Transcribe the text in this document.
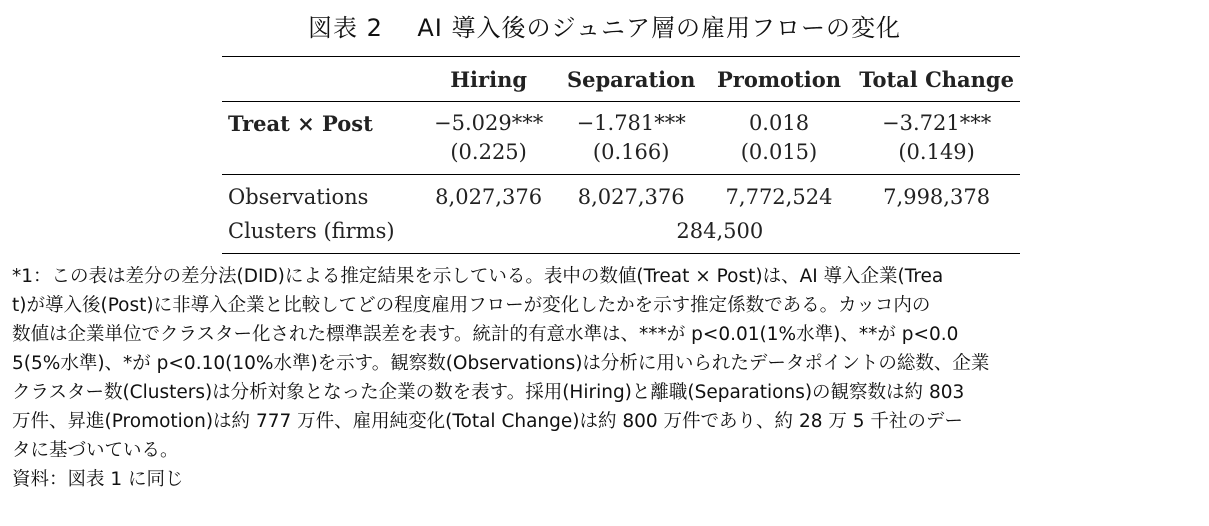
図表 2    AI 導入後のジュニア層の雇用フローの変化
	Hiring	Separation	Promotion	Total Change
Treat × Post	−5.029***	−1.781***	0.018	−3.721***
	(0.225)	(0.166)	(0.015)	(0.149)
Observations	8,027,376	8,027,376	7,772,524	7,998,378
Clusters (firms)	284,500			

*1：この表は差分の差分法(DID)による推定結果を示している。表中の数値(Treat × Post)は、AI 導入企業(Trea

t)が導入後(Post)に非導入企業と比較してどの程度雇用フローが変化したかを示す推定係数である。カッコ内の

数値は企業単位でクラスター化された標準誤差を表す。統計的有意水準は、***が p<0.01(1%水準)、**が p<0.0

5(5%水準)、*が p<0.10(10%水準)を示す。観察数(Observations)は分析に用いられたデータポイントの総数、企業

クラスター数(Clusters)は分析対象となった企業の数を表す。採用(Hiring)と離職(Separations)の観察数は約 803

万件、昇進(Promotion)は約 777 万件、雇用純変化(Total Change)は約 800 万件であり、約 28 万 5 千社のデー

タに基づいている。

資料：図表 1 に同じ
